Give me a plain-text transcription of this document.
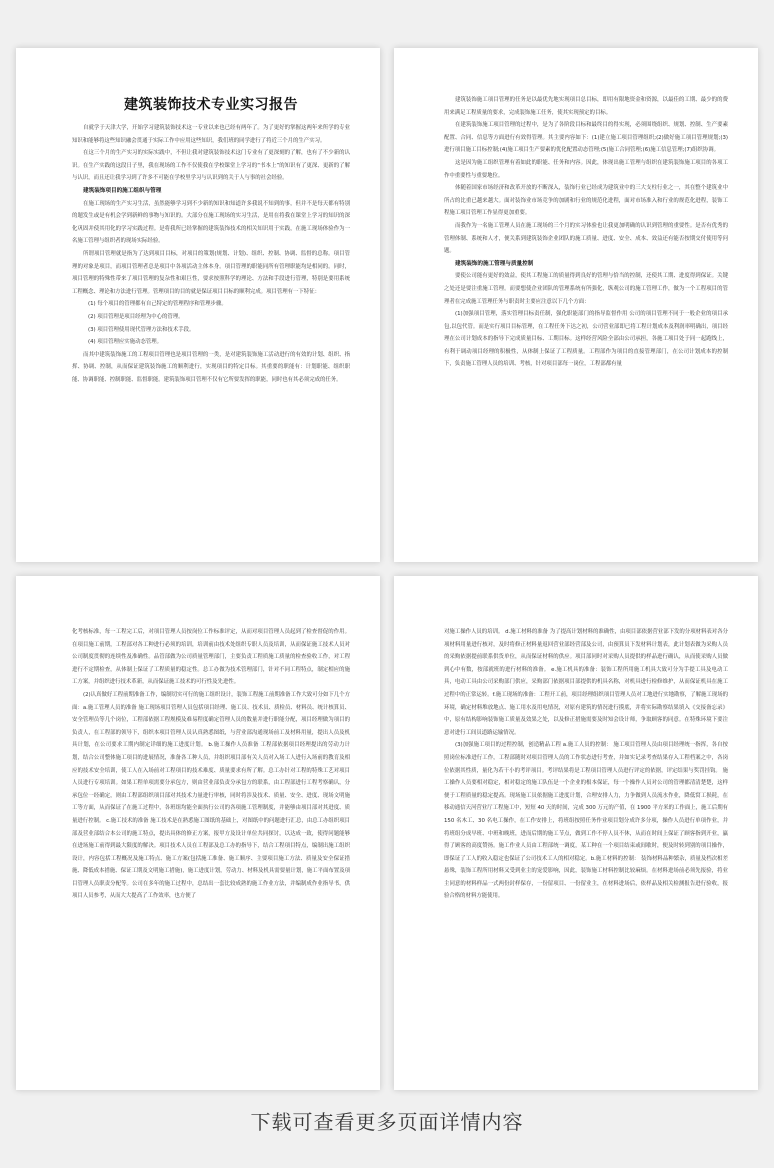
建筑装饰技术专业实习报告

自就学于天津大学，开始学习建筑装饰技术这一专业以来也已经有两年了。为了更好的掌握这两年来所学的专业知识和能够将这些知识融会贯通于实际工作中应用这些知识，我们班的同学进行了将近三个月的生产实习。

在这三个月的生产实习的实际实践中，不但让我对建筑装饰技术这门专业有了更深刻的了解，也有了不少新的认识。在生产实践的这段日子里，我在现场的工作不仅使我在学校课堂上学习的“书本上”的知识有了更深、更新的了解与认识，而且还让我学习到了许多不可能在学校里学习与认识到的关于人与事的社会经验。

建筑装饰项目的施工组织与管理

在施工现场的生产实习生活，虽然能够学习到不少新的知识和知道许多我说不知到的事，但并不是每天都有特别的题发生或是有机会学到新鲜的事物与知识的。大部分在施工现场的实习生活，是用在将我在课堂上学习的知识的深化巩固并使其用化的学习实践过程。是将我所已经掌握的建筑装饰技术的相关知识用于实践，在施工现场体验作为一名施工管理与组织者的现场实际经验。

所谓项目管理就是指为了达到项目目标，对项目的策划(规划、计划)、组织、控制、协调、监督的总称。项目管理的对象是项目，而项目管理者总是项目中各项活动主体本身。项目管理的职能同所有管理职能均是相同的。同时，项目管理的特殊性带来了项目管理的复杂性和艰巨性，要求按照科学的理论、方法和手段进行管理，特别是要用系统工程概念、理论和方法进行管理。管理项目的目的就是保证项目目标的顺利完成。项目管理有一下特征：

(1) 每个项目的管理都有自己特定的管理程序和管理步骤。

(2) 项目管理是项目经理为中心的管理。

(3) 项目管理使用现代管理方法和技术手段。

(4) 项目管理应实施动态管理。

而其中建筑装饰施工的工程项目管理也是项目管理的一类，是对建筑装饰施工活动进行的有效的计划、组织、指挥、协调、控制，从而保证建筑装饰施工的顺利进行，实现项目的特定目标。其重要的职能有：计划职能、组织职能、协调职能、控制职能、监督职能。建筑装饰项目管理不仅有它所要发挥的职能，同时也有其必须完成的任务。

建筑装饰施工项目管理的任务是以最优先地实现项目总目标，即用有限地资金和资源，以最佳的工期、最少的的费用来满足工程质量的要求，完成装饰施工任务，使其实现预定的目标。

在建筑装饰施工项目管理的过程中，是为了各阶段目标和最终目的得实现，必须围绕组织、规划、控制、生产要素配置、合同、信息等方面进行有效得管理。其主要内容如下：(1)建立施工项目管理组织;(2)做好施工项目管理规划;(3)进行项目施工目标控制;(4)施工项目生产要素的优化配置动态管理;(5)施工合同管理;(6)施工信息管理;(7)组织协调。

这是因为施工组织管理有着如此的职能、任务和内容。因此，体现出施工管理与组织在建筑装饰施工项目的各项工作中重要性与重要地位。

体随着国家市场经济和改革开放的不断深入，装饰行业已经成为建筑业中的三大支柱行业之一，其在整个建筑业中所占的比重已越来越大。面对装饰业市场竞争的加剧和行业的规范化进程，面对市场准入和行业的规范化进程，装饰工程施工项目管理工作显得更加重要。

而我作为一名施工管理人员在施工现场的三个月的实习体验也让我更加明确的认识到管理的重要性。是否有优秀的管理体制、系统和人才，便关系到建筑装饰企业团队的施工质量、进度、安全、成本、效益还有能否按期交付使用等问题。

建筑装饰的施工管理与质量控制

要使公司能有更好的效益，使其工程施工的质量得到良好的管理与恰当的控制，还使其工期、进度得到保证。关键之处还是要注重施工管理。而要想使企业团队的管理系统有所强化，纵观公司的施工管理工作，做为一个工程项目的管理者在完成施工管理任务与职责时主要应注意以下几个方面：

(1)加强项目管理，落实管理目标责任制，强化职能部门的指导监督作用 公司的项目管理不同于一般企业的项目承包,以包代管。而是实行项目目标管理，在工程任务下达之初，公司营业部即已将工程计划成本及利润率明确出，项目经理在公司计划成本的指导下完成质量目标、工期目标。这样经营风险全部由公司承担，各施工项目处于同一起跑线上，有利于调动项目经理的积极性，从体制上保证了工程质量。工程部作为项目的直接管理部门，在公司计划成本的控制下，负责施工管理人员的培训、考核，针对项目部每一岗位，工程部都有量

化考核标准，每一工程完工后，对项目管理人员按岗位工作标准评定，从而对项目管理人员起到了检查督促的作用。 在项目施工前期，工程部对各工种进行必须的培训，培训前由技术处组织专职人员及培训，从而保证施工技术人员对公司制度贯彻的连续性及准确性。品管部做为公司质量管理部门，主要负责工程质施工质量的检查验收工作，对工程进行不定期检查，从体制上保证了工程质量的稳定性。总工办做为技术管理部门，针对不同工程特点，制定相应的施工方案，并组织进行技术革新，从而保证施工技术的可行性及先进性。

(2)认真做好工程前期准备工作，编制切实可行的施工组织设计，装饰工程施工前期准备工作大致可分如下几个方面：a.施工管理人员的准备 施工现场项目管理人员包括项目经理、施工员、技术员、质检员、材料员、统计核算员、安全管理员等几个岗位，工程部依据工程规模及难易程度确定管理人员的数量并进行职能分配，项目经理做为项目的负责人，在工程部的领导下，组织本项目管理人员认真熟悉图纸，与营业部沟通现场前工及材料用量，提出人员及机具计划，在公司要求工期内制定详细的施工进度计划。 b.施工操作人员准备 工程部依据项目经理提出的劳动力计划，结合公司整体施工项目的进展情况，准备各工种人员，并组织项目部有关人员对入场工人进行入场前的教育及相应的技术安全培训，使工人在入场前对工程项目的技术难度、质量要求有所了解。总工办针对工程的特殊工艺对项目人员进行专项培训。如果工程单项需要分承包方，则由营业部负责分承包方的联系，由工程部进行工程考察确认，分承包位一经确定，则由工程部组织项目部对其技术力量进行审核，同时将涉及技术、质量、安全、进度、现场文明施工等方面，从而保证了在施工过程中，各班组均能全面执行公司的各项施工管理制度，并能够由项目部对其进度、质量进行控制。 c.施工技术的准备 施工技术是在熟悉施工图纸的基础上，对图纸中的问题进行汇总，由总工办组织项目部及营业部结合本公司的施工特点，提出具体的修正方案，报甲方及设计单位共同探讨，以达成一致，使得问题能够在进场施工前得到最大限度的解决。项目技术人员在工程部及总工办的指导下，结合工程项目特点，编制出施工组织设计，内容包括工程概况及施工特点、施工方案(包括施工准备、施工顺序、主要项目施工方法、质量及安全保证措施、降低成本措施、保证工期及文明施工措施)，施工进度计划，劳动力、材料及机具需要量计划，施工平面布置及项目管理人员职责分配等。公司在多年的施工过程中，总结出一套比较成熟的施工作业方法，并编制成作业指导书，供项目人员参考，从而大大提高了工作效率，也方便了

对施工操作人员的培训。 d.施工材料的准备 为了提高计划材料的准确性，由项目部依据营业部下发的分项材料表对各分项材料用量进行核对，及时将修正材料量返回营业部经营部及公司，由预算员下发材料计划表，此计划表做为采购人员的采购依据提前联系供货单位，从而保证材料的供应。项目部同时对采购人员提供的样品进行确认，从而使采购人员做到心中有数，按部就班的进行材料的准备。 e.施工机具的准备：装饰工程所用施工机具大致可分为手提工具及电动工具，电动工具由公司采购部门供应，采购部门依据项目部提供的机具名称，对机具进行检修维护，从而保证机具在施工过程中的正常运转。f.施工现场的准备：工程开工前，项目经理组织项目管理人员对工地进行实地勘察，了解施工现场的环境，确定材料堆放地点、施工用水及用电情况，对原有建筑的情况进行摸底，并将实际勘察结果填入《交接备忘录》中，原有结构影响装饰施工质量及效果之处，以及修正措施需要及时知会设计师，争取顾客的同意。在特殊环境下要注意对进行工间员道路运输情况。

(3)加强施工项目的过程控制，创造精品工程 a.施工人员的控制： 施工项目管理人员由项目经理统一指挥，各自按照岗位标准进行工作，工程部随时对项目管理人员的工作状态进行考查，并如实记录考查结果存入工程档案之中，各岗位依据其性质，量化为若干小的考评项目。考评结果将是工程项目管理人员进行评定的依据，评定结果与奖罚挂钩。 施工操作人员要相对稳定，相对稳定的施工队伍是一个企业的根本保证，每一个操作人员对公司的管理都清清楚楚，这样便于工程质量的稳定提高。现场施工员依据施工进度计划，合理安排人力，力争做到人员流水作业，降低窝工损耗，在移动通信天河营业厅工程施工中，短短 40 天的时间，完成 300 万元的产值，在 1900 平方米的工作面上，施工后期有 150 名木工、30 名电工操作，在工作安排上，将班组按照任务作业项目划分成许多分项，操作人员进行单项作业，并将班组分成早班、中班和晚班，进而后期的施工节点，做到工作不停人员不休，从而在时间上保证了顾客指到开业，赢得了顾客的高度赞扬。施工作业人员由工程部统一调度，某工种在一个项目结束或间歇时，便及时转到别的项目操作，即保证了工人的收入稳定也保证了公司技术工人的相对稳定。b.施工材料的控制： 装饰材料品种繁杂，质量及档次相差悬殊，装饰工程所用材料又受到业主的宠爱影响，因此，装饰施工材料控制比较麻烦。在材料进场前必须先报验，将业主同意的材料样品一式两份封样保存，一份留项目、一份留业主，在材料进场后，依样品及相关检测报告进行验收，报验合格的材料方能使用。

下载可查看更多页面详情内容
